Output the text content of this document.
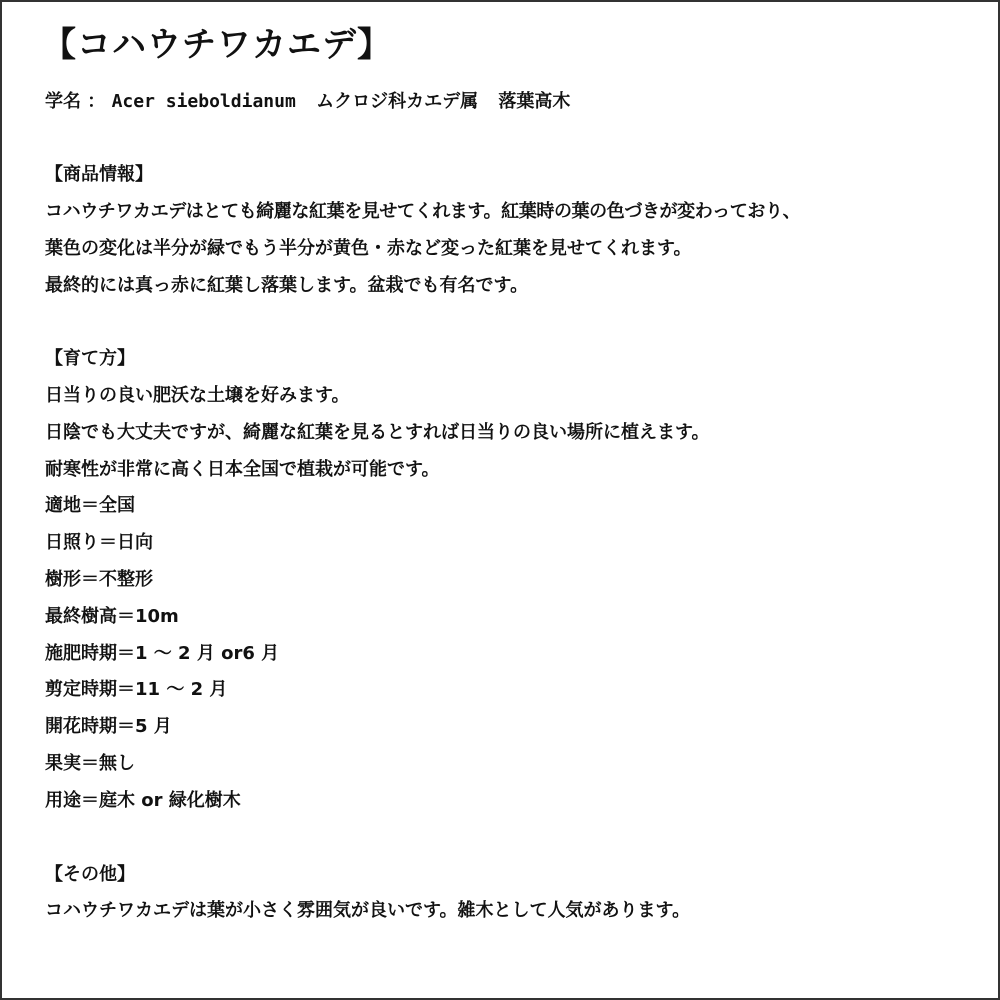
【コハウチワカエデ】
学名 ： Acer sieboldianum ムクロジ科カエデ属 落葉高木
【商品情報】
コハウチワカエデはとても綺麗な紅葉を見せてくれます。紅葉時の葉の色づきが変わっており、
葉色の変化は半分が緑でもう半分が黄色・赤など変った紅葉を見せてくれます。
最終的には真っ赤に紅葉し落葉します。盆栽でも有名です。
【育て方】
日当りの良い肥沃な土壌を好みます。
日陰でも大丈夫ですが、綺麗な紅葉を見るとすれば日当りの良い場所に植えます。
耐寒性が非常に高く日本全国で植栽が可能です。
適地＝全国
日照り＝日向
樹形＝不整形
最終樹高＝10m
施肥時期＝1 ～ 2 月 or6 月
剪定時期＝11 ～ 2 月
開花時期＝5 月
果実＝無し
用途＝庭木 or 緑化樹木
【その他】
コハウチワカエデは葉が小さく雰囲気が良いです。雑木として人気があります。
